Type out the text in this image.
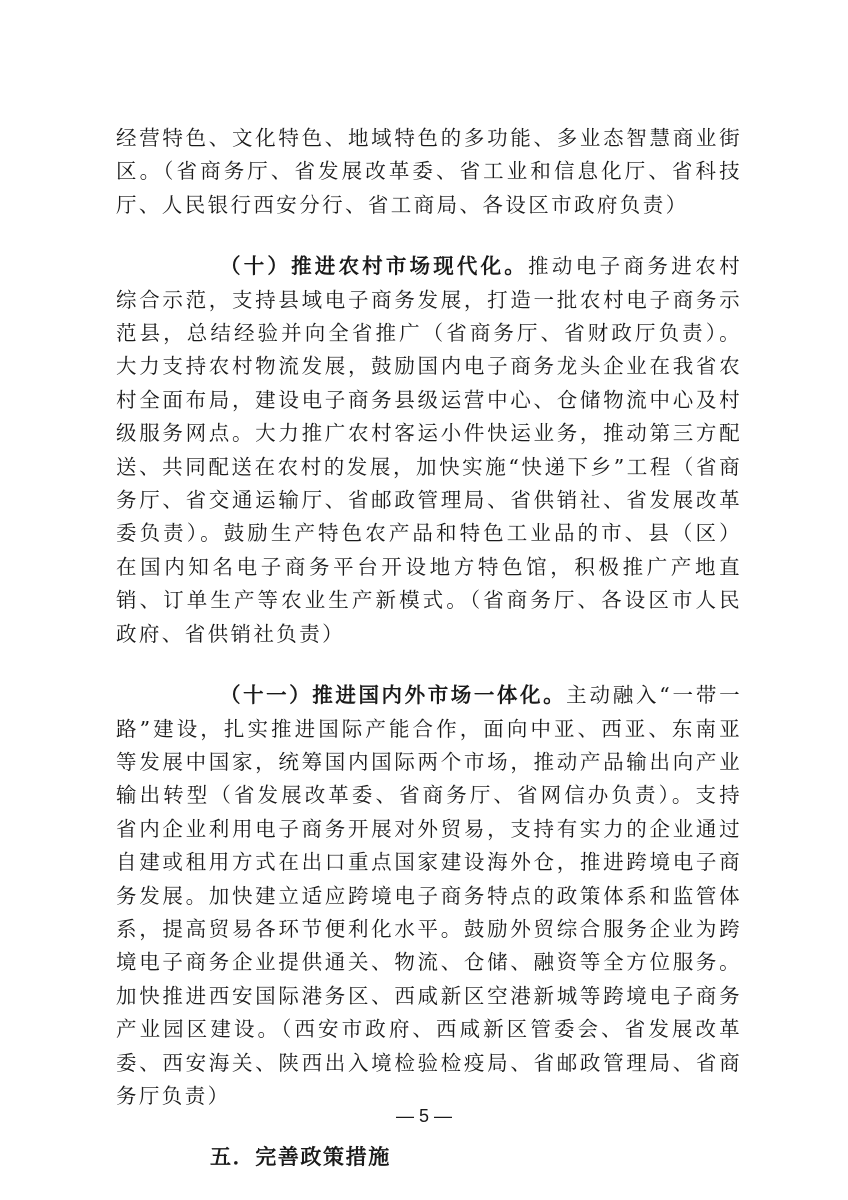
经营特色、文化特色、地域特色的多功能、多业态智慧商业街区。（省商务厅、省发展改革委、省工业和信息化厅、省科技厅、人民银行西安分行、省工商局、各设区市政府负责）

（十）推进农村市场现代化。推动电子商务进农村综合示范，支持县域电子商务发展，打造一批农村电子商务示范县，总结经验并向全省推广（省商务厅、省财政厅负责）。大力支持农村物流发展，鼓励国内电子商务龙头企业在我省农村全面布局，建设电子商务县级运营中心、仓储物流中心及村级服务网点。大力推广农村客运小件快运业务，推动第三方配送、共同配送在农村的发展，加快实施“快递下乡”工程（省商务厅、省交通运输厅、省邮政管理局、省供销社、省发展改革委负责）。鼓励生产特色农产品和特色工业品的市、县（区）在国内知名电子商务平台开设地方特色馆，积极推广产地直销、订单生产等农业生产新模式。（省商务厅、各设区市人民政府、省供销社负责）

（十一）推进国内外市场一体化。主动融入“一带一路”建设，扎实推进国际产能合作，面向中亚、西亚、东南亚等发展中国家，统筹国内国际两个市场，推动产品输出向产业输出转型（省发展改革委、省商务厅、省网信办负责）。支持省内企业利用电子商务开展对外贸易，支持有实力的企业通过自建或租用方式在出口重点国家建设海外仓，推进跨境电子商务发展。加快建立适应跨境电子商务特点的政策体系和监管体系，提高贸易各环节便利化水平。鼓励外贸综合服务企业为跨境电子商务企业提供通关、物流、仓储、融资等全方位服务。加快推进西安国际港务区、西咸新区空港新城等跨境电子商务产业园区建设。（西安市政府、西咸新区管委会、省发展改革委、西安海关、陕西出入境检验检疫局、省邮政管理局、省商务厅负责）

五．完善政策措施

— 5 —
